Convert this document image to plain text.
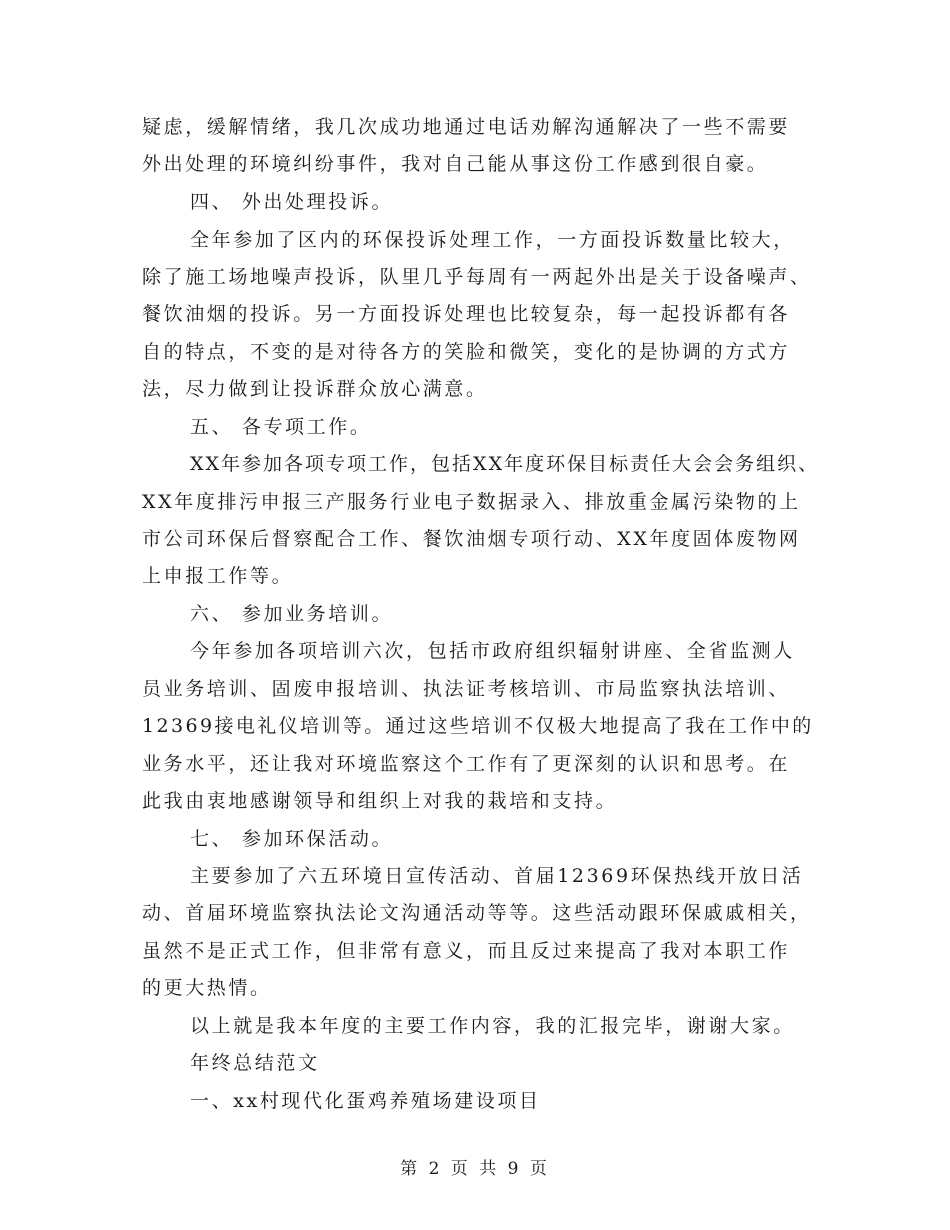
疑虑，缓解情绪，我几次成功地通过电话劝解沟通解决了一些不需要
外出处理的环境纠纷事件，我对自己能从事这份工作感到很自豪。
四、 外出处理投诉。
全年参加了区内的环保投诉处理工作，一方面投诉数量比较大，
除了施工场地噪声投诉，队里几乎每周有一两起外出是关于设备噪声、
餐饮油烟的投诉。另一方面投诉处理也比较复杂，每一起投诉都有各
自的特点，不变的是对待各方的笑脸和微笑，变化的是协调的方式方
法，尽力做到让投诉群众放心满意。
五、 各专项工作。
XX年参加各项专项工作，包括XX年度环保目标责任大会会务组织、
XX年度排污申报三产服务行业电子数据录入、排放重金属污染物的上
市公司环保后督察配合工作、餐饮油烟专项行动、XX年度固体废物网
上申报工作等。
六、 参加业务培训。
今年参加各项培训六次，包括市政府组织辐射讲座、全省监测人
员业务培训、固废申报培训、执法证考核培训、市局监察执法培训、
12369接电礼仪培训等。通过这些培训不仅极大地提高了我在工作中的
业务水平，还让我对环境监察这个工作有了更深刻的认识和思考。在
此我由衷地感谢领导和组织上对我的栽培和支持。
七、 参加环保活动。
主要参加了六五环境日宣传活动、首届12369环保热线开放日活
动、首届环境监察执法论文沟通活动等等。这些活动跟环保戚戚相关，
虽然不是正式工作，但非常有意义，而且反过来提高了我对本职工作
的更大热情。
以上就是我本年度的主要工作内容，我的汇报完毕，谢谢大家。
年终总结范文
一、xx村现代化蛋鸡养殖场建设项目
第 2 页 共 9 页
